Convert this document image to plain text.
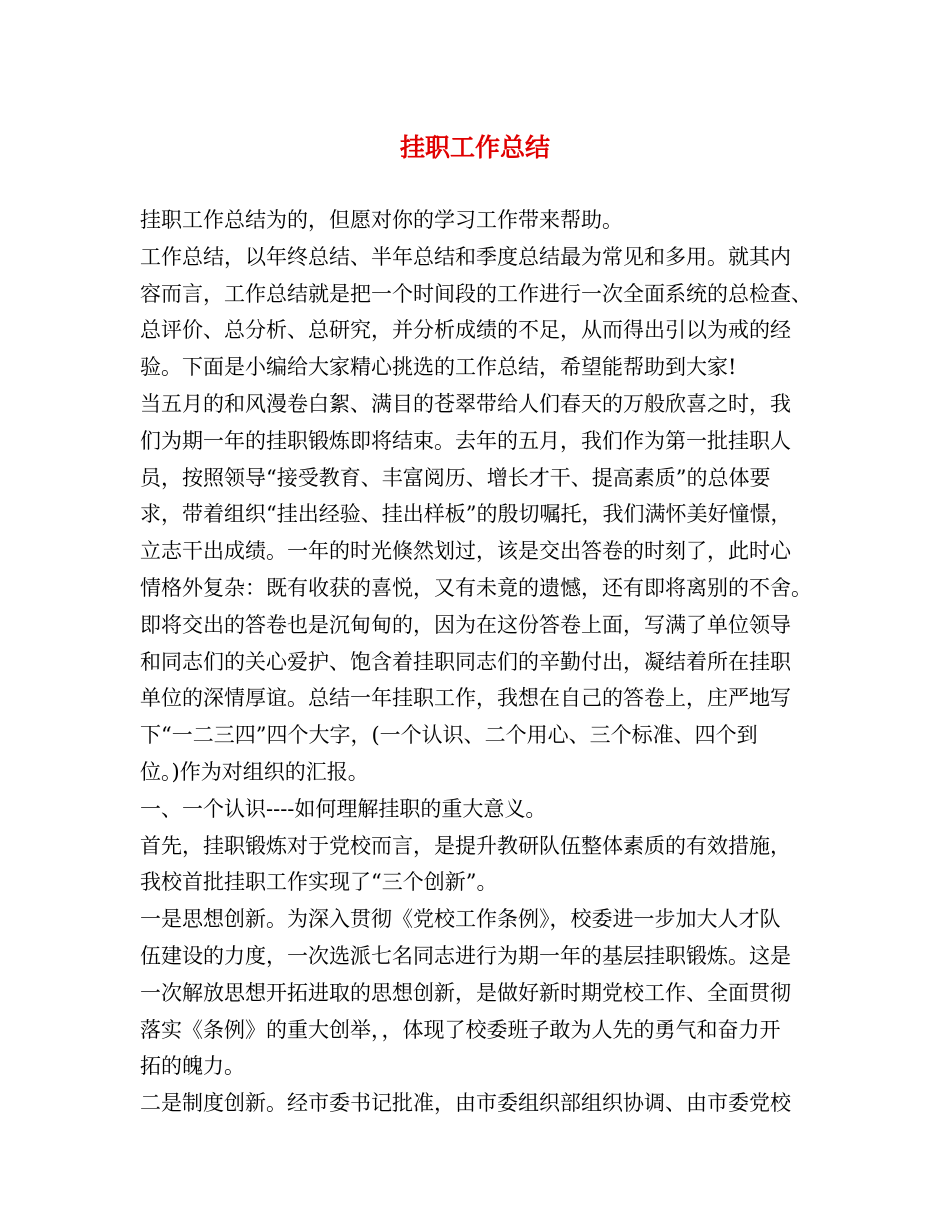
挂职工作总结
挂职工作总结为的，但愿对你的学习工作带来帮助。
工作总结，以年终总结、半年总结和季度总结最为常见和多用。就其内
容而言，工作总结就是把一个时间段的工作进行一次全面系统的总检查、
总评价、总分析、总研究，并分析成绩的不足，从而得出引以为戒的经
验。下面是小编给大家精心挑选的工作总结，希望能帮助到大家!
当五月的和风漫卷白絮、满目的苍翠带给人们春天的万般欣喜之时，我
们为期一年的挂职锻炼即将结束。去年的五月，我们作为第一批挂职人
员，按照领导“接受教育、丰富阅历、增长才干、提高素质”的总体要
求，带着组织“挂出经验、挂出样板”的殷切嘱托，我们满怀美好憧憬，
立志干出成绩。一年的时光倏然划过，该是交出答卷的时刻了，此时心
情格外复杂：既有收获的喜悦，又有未竟的遗憾，还有即将离别的不舍。
即将交出的答卷也是沉甸甸的，因为在这份答卷上面，写满了单位领导
和同志们的关心爱护、饱含着挂职同志们的辛勤付出，凝结着所在挂职
单位的深情厚谊。总结一年挂职工作，我想在自己的答卷上，庄严地写
下“一二三四”四个大字，(一个认识、二个用心、三个标准、四个到
位。)作为对组织的汇报。
一、一个认识----如何理解挂职的重大意义。
首先，挂职锻炼对于党校而言，是提升教研队伍整体素质的有效措施，
我校首批挂职工作实现了“三个创新”。
一是思想创新。为深入贯彻《党校工作条例》，校委进一步加大人才队
伍建设的力度，一次选派七名同志进行为期一年的基层挂职锻炼。这是
一次解放思想开拓进取的思想创新，是做好新时期党校工作、全面贯彻
落实《条例》的重大创举，，体现了校委班子敢为人先的勇气和奋力开
拓的魄力。
二是制度创新。经市委书记批准，由市委组织部组织协调、由市委党校
